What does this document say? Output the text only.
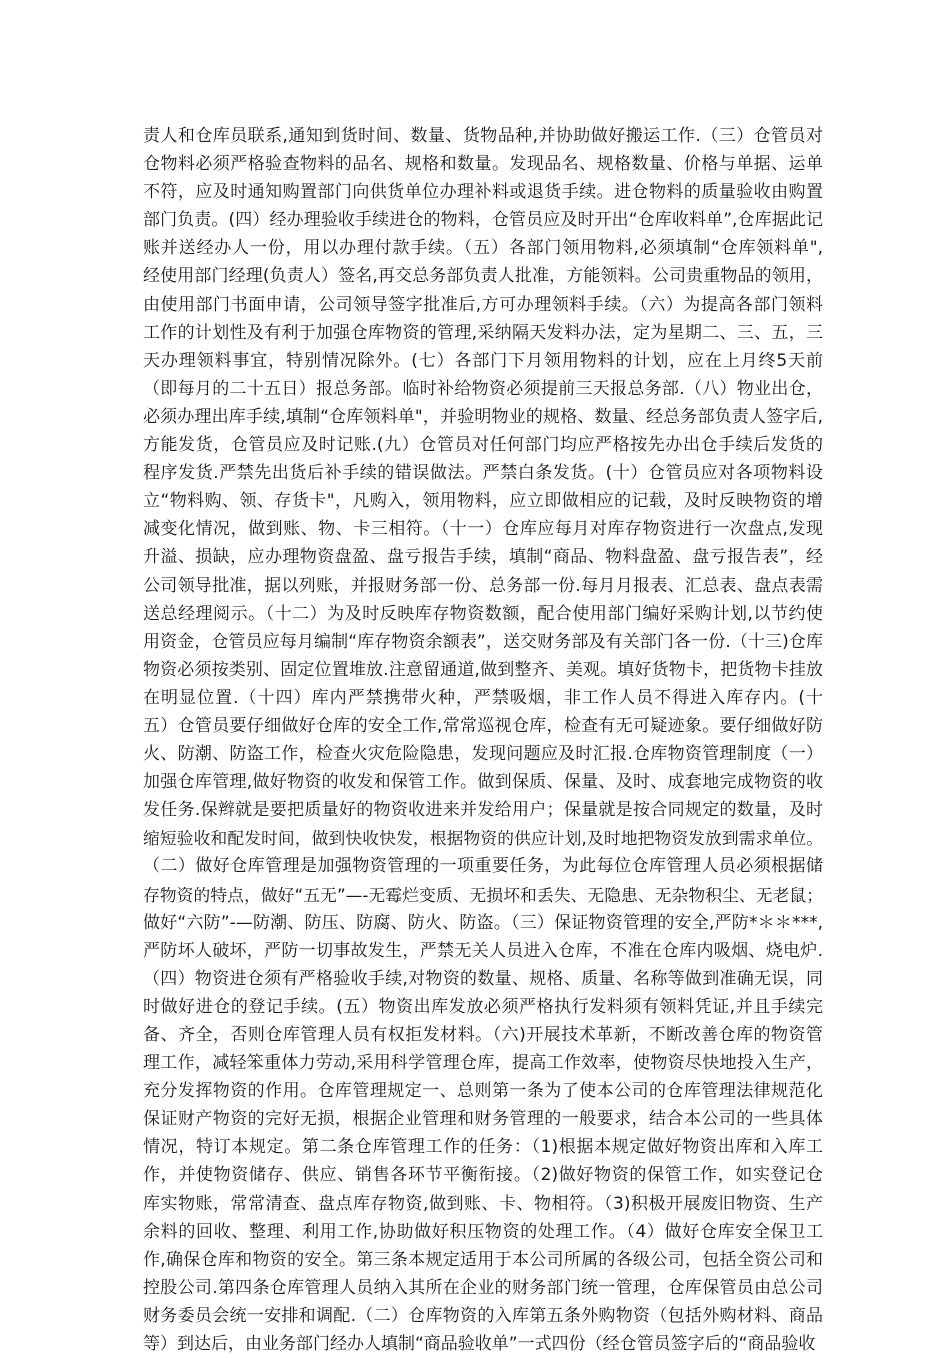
责人和仓库员联系,通知到货时间、数量、货物品种,并协助做好搬运工作.（三）仓管员对
仓物料必须严格验查物料的品名、规格和数量。发现品名、规格数量、价格与单据、运单
不符，应及时通知购置部门向供货单位办理补料或退货手续。进仓物料的质量验收由购置
部门负责。(四）经办理验收手续进仓的物料，仓管员应及时开出“仓库收料单”,仓库据此记
账并送经办人一份，用以办理付款手续。（五）各部门领用物料,必须填制“仓库领料单",
经使用部门经理(负责人）签名,再交总务部负责人批准，方能领料。公司贵重物品的领用，
由使用部门书面申请，公司领导签字批准后,方可办理领料手续。（六）为提高各部门领料
工作的计划性及有利于加强仓库物资的管理,采纳隔天发料办法，定为星期二、三、五，三
天办理领料事宜，特别情况除外。(七）各部门下月领用物料的计划，应在上月终5天前
（即每月的二十五日）报总务部。临时补给物资必须提前三天报总务部.（八）物业出仓，
必须办理出库手续,填制“仓库领料单"，并验明物业的规格、数量、经总务部负责人签字后,
方能发货，仓管员应及时记账.(九）仓管员对任何部门均应严格按先办出仓手续后发货的
程序发货.严禁先出货后补手续的错误做法。严禁白条发货。(十）仓管员应对各项物料设
立“物料购、领、存货卡"，凡购入，领用物料，应立即做相应的记载，及时反映物资的增
减变化情况，做到账、物、卡三相符。（十一）仓库应每月对库存物资进行一次盘点,发现
升溢、损缺，应办理物资盘盈、盘亏报告手续，填制“商品、物料盘盈、盘亏报告表”，经
公司领导批准，据以列账，并报财务部一份、总务部一份.每月月报表、汇总表、盘点表需
送总经理阅示。（十二）为及时反映库存物资数额，配合使用部门编好采购计划,以节约使
用资金，仓管员应每月编制“库存物资余额表”，送交财务部及有关部门各一份.（十三)仓库
物资必须按类别、固定位置堆放.注意留通道,做到整齐、美观。填好货物卡，把货物卡挂放
在明显位置.（十四）库内严禁携带火种，严禁吸烟，非工作人员不得进入库存内。(十
五）仓管员要仔细做好仓库的安全工作,常常巡视仓库，检查有无可疑迹象。要仔细做好防
火、防潮、防盗工作，检查火灾危险隐患，发现问题应及时汇报.仓库物资管理制度（一）
加强仓库管理,做好物资的收发和保管工作。做到保质、保量、及时、成套地完成物资的收
发任务.保辫就是要把质量好的物资收进来并发给用户；保量就是按合同规定的数量，及时
缩短验收和配发时间，做到快收快发，根据物资的供应计划,及时地把物资发放到需求单位。
（二）做好仓库管理是加强物资管理的一项重要任务，为此每位仓库管理人员必须根据储
存物资的特点，做好“五无”—-无霉烂变质、无损坏和丢失、无隐患、无杂物积尘、无老鼠；
做好“六防”-—防潮、防压、防腐、防火、防盗。（三）保证物资管理的安全,严防*＊＊***,
严防坏人破坏，严防一切事故发生，严禁无关人员进入仓库，不准在仓库内吸烟、烧电炉.
（四）物资进仓须有严格验收手续,对物资的数量、规格、质量、名称等做到准确无误，同
时做好进仓的登记手续。(五）物资出库发放必须严格执行发料须有领料凭证,并且手续完
备、齐全，否则仓库管理人员有权拒发材料。（六)开展技术革新，不断改善仓库的物资管
理工作，减轻笨重体力劳动,采用科学管理仓库，提高工作效率，使物资尽快地投入生产，
充分发挥物资的作用。仓库管理规定一、总则第一条为了使本公司的仓库管理法律规范化
保证财产物资的完好无损，根据企业管理和财务管理的一般要求，结合本公司的一些具体
情况，特订本规定。第二条仓库管理工作的任务：（1)根据本规定做好物资出库和入库工
作，并使物资储存、供应、销售各环节平衡衔接。（2)做好物资的保管工作，如实登记仓
库实物账，常常清查、盘点库存物资,做到账、卡、物相符。（3)积极开展废旧物资、生产
余料的回收、整理、利用工作,协助做好积压物资的处理工作。（4）做好仓库安全保卫工
作,确保仓库和物资的安全。第三条本规定适用于本公司所属的各级公司，包括全资公司和
控股公司.第四条仓库管理人员纳入其所在企业的财务部门统一管理，仓库保管员由总公司
财务委员会统一安排和调配.（二）仓库物资的入库第五条外购物资（包括外购材料、商品
等）到达后，由业务部门经办人填制“商品验收单”一式四份（经仓管员签字后的“商品验收
